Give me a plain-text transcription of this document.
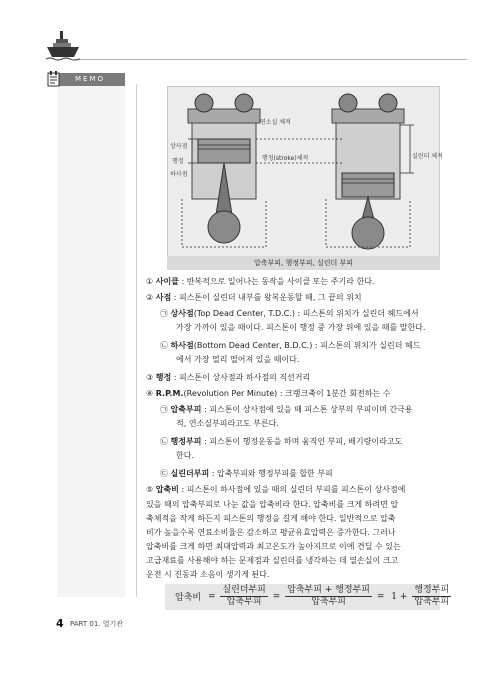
MEMO
상사점
행정
하사점
연소실 체적
행정(stroke)체적	실린더 체적
압축부피, 행정부피, 실린더 부피
① 사이클 : 반복적으로 일어나는 동작을 사이클 또는 주기라 한다.
② 사점 : 피스톤이 실린더 내부를 왕복운동할 때, 그 끝의 위치
㉠ 상사점(Top Dead Center, T.D.C.) : 피스톤의 위치가 실린더 헤드에서
가장 가까이 있을 때이다. 피스톤이 행정 중 가장 위에 있을 때를 말한다.
㉡ 하사점(Bottom Dead Center, B.D.C.) : 피스톤의 위치가 실린더 헤드
에서 가장 멀리 떨어져 있을 때이다.
③ 행정 : 피스톤이 상사점과 하사점의 직선거리
④ R.P.M.(Revolution Per Minute) : 크랭크축이 1분간 회전하는 수
㉠ 압축부피 : 피스톤이 상사점에 있을 때 피스톤 상부의 부피이며 간극용
적, 연소실부피라고도 부른다.
㉡ 행정부피 : 피스톤이 행정운동을 하며 움직인 부피, 배기량이라고도
한다.
㉢ 실린더부피 : 압축부피와 행정부피를 합한 부피
⑤ 압축비 : 피스톤이 하사점에 있을 때의 실린더 부피를 피스톤이 상사점에
있을 때의 압축부피로 나눈 값을 압축비라 한다. 압축비를 크게 하려면 압
축체적을 작게 하든지 피스톤의 행정을 길게 해야 한다. 일반적으로 압축
비가 높을수록 연료소비율은 감소하고 평균유효압력은 증가한다. 그러나
압축비를 크게 하면 최대압력과 최고온도가 높아지므로 이에 견딜 수 있는
고급재료를 사용해야 하는 문제점과 실린더를 냉각하는 데 열손실이 크고
4 PART 01. 열기관
운전 시 진동과 소음이 생기게 된다.
압축비 = $\frac{\text{실린더부피}}{\text{압축부피}} = \frac{\text{압축부피 + 행정부피}}{\text{압축부피}} = 1 + \frac{\text{행정부피}}{\text{압축부피}}$
